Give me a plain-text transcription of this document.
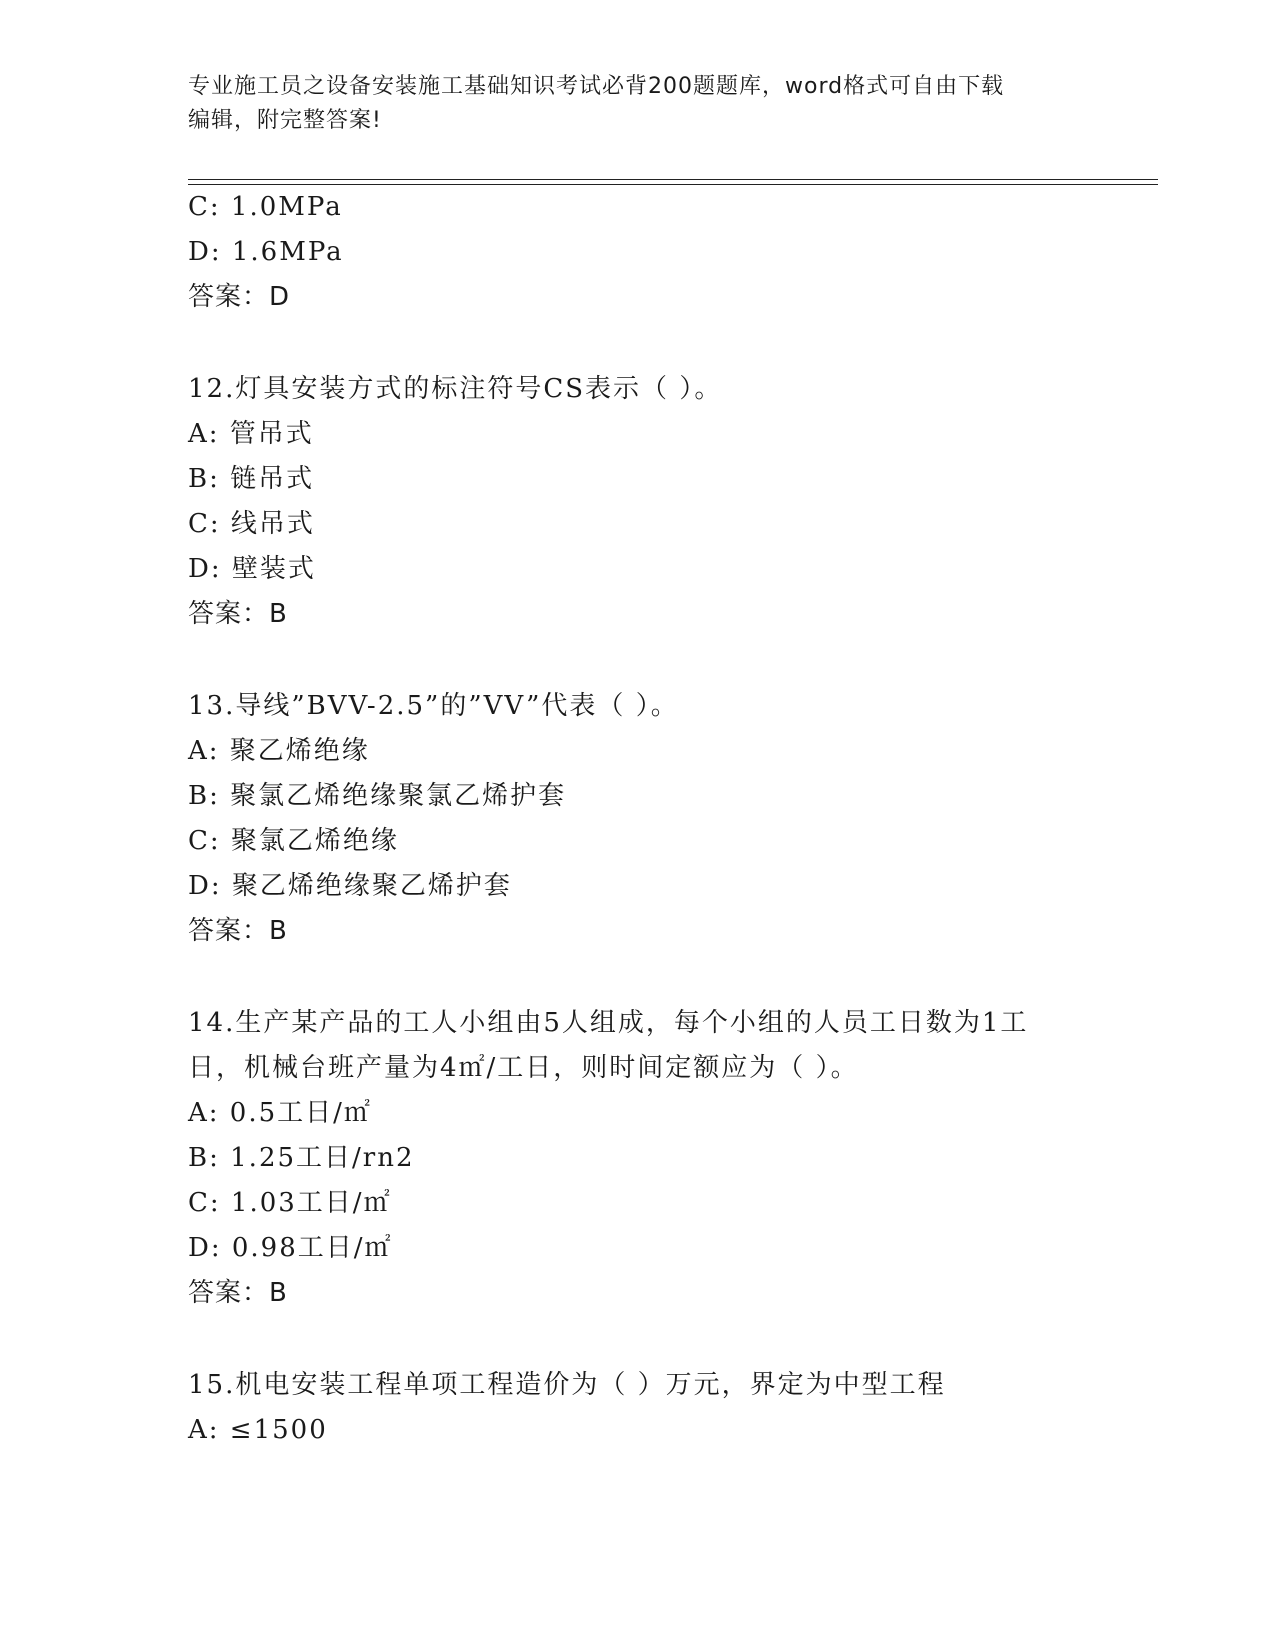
专业施工员之设备安装施工基础知识考试必背200题题库，word格式可自由下载
编辑，附完整答案!
C: 1.0MPa
D: 1.6MPa
答案：D
12.灯具安装方式的标注符号CS表示（ ）。
A: 管吊式
B: 链吊式
C: 线吊式
D: 壁装式
答案：B
13.导线”BVV-2.5”的”VV”代表（ ）。
A: 聚乙烯绝缘
B: 聚氯乙烯绝缘聚氯乙烯护套
C: 聚氯乙烯绝缘
D: 聚乙烯绝缘聚乙烯护套
答案：B
14.生产某产品的工人小组由5人组成，每个小组的人员工日数为1工
日，机械台班产量为4㎡/工日，则时间定额应为（ ）。
A: 0.5工日/㎡
B: 1.25工日/rn2
C: 1.03工日/㎡
D: 0.98工日/㎡
答案：B
15.机电安装工程单项工程造价为（ ）万元，界定为中型工程
A: ≤1500
